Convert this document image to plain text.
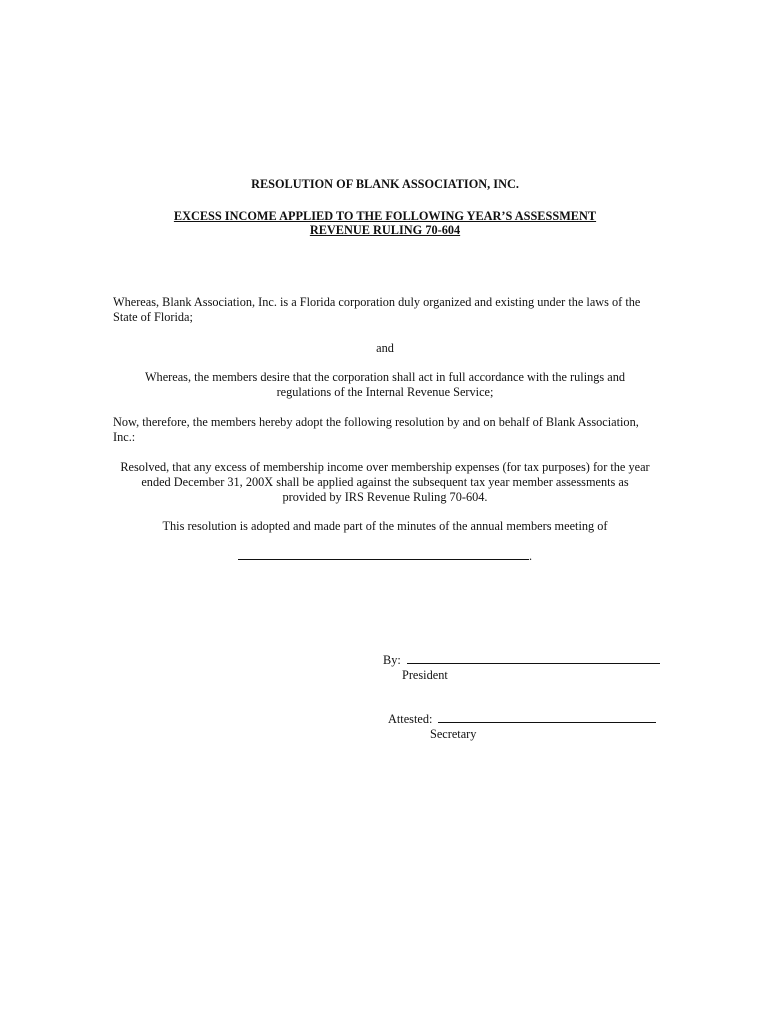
RESOLUTION OF BLANK ASSOCIATION, INC.
EXCESS INCOME APPLIED TO THE FOLLOWING YEAR’S ASSESSMENT
REVENUE RULING 70-604
Whereas, Blank Association, Inc. is a Florida corporation duly organized and existing under the laws of the
State of Florida;
and
Whereas, the members desire that the corporation shall act in full accordance with the rulings and
regulations of the Internal Revenue Service;
Now, therefore, the members hereby adopt the following resolution by and on behalf of Blank Association,
Inc.:
Resolved, that any excess of membership income over membership expenses (for tax purposes) for the year
ended December 31, 200X shall be applied against the subsequent tax year member assessments as
provided by IRS Revenue Ruling 70-604.
This resolution is adopted and made part of the minutes of the annual members meeting of
.
By:
President
Attested:
Secretary
